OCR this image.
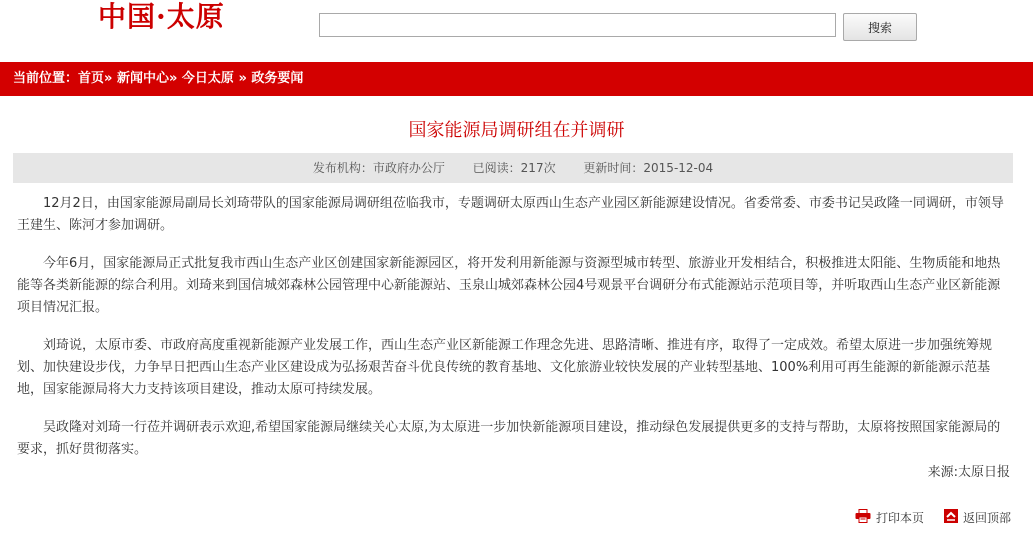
中国·太原	搜索
当前位置：首页» 新闻中心» 今日太原 » 政务要闻
国家能源局调研组在并调研
发布机构：市政府办公厅 已阅读：217次 更新时间：2015-12-04

12月2日，由国家能源局副局长刘琦带队的国家能源局调研组莅临我市，专题调研太原西山生态产业园区新能源建设情况。省委常委、市委书记吴政隆一同调研，市领导王建生、陈河才参加调研。

今年6月，国家能源局正式批复我市西山生态产业区创建国家新能源园区，将开发利用新能源与资源型城市转型、旅游业开发相结合，积极推进太阳能、生物质能和地热能等各类新能源的综合利用。刘琦来到国信城郊森林公园管理中心新能源站、玉泉山城郊森林公园4号观景平台调研分布式能源站示范项目等，并听取西山生态产业区新能源项目情况汇报。

刘琦说，太原市委、市政府高度重视新能源产业发展工作，西山生态产业区新能源工作理念先进、思路清晰、推进有序，取得了一定成效。希望太原进一步加强统筹规划、加快建设步伐，力争早日把西山生态产业区建设成为弘扬艰苦奋斗优良传统的教育基地、文化旅游业较快发展的产业转型基地、100%利用可再生能源的新能源示范基地，国家能源局将大力支持该项目建设，推动太原可持续发展。

吴政隆对刘琦一行莅并调研表示欢迎,希望国家能源局继续关心太原,为太原进一步加快新能源项目建设，推动绿色发展提供更多的支持与帮助，太原将按照国家能源局的要求，抓好贯彻落实。

来源:太原日报
打印本页	返回顶部
